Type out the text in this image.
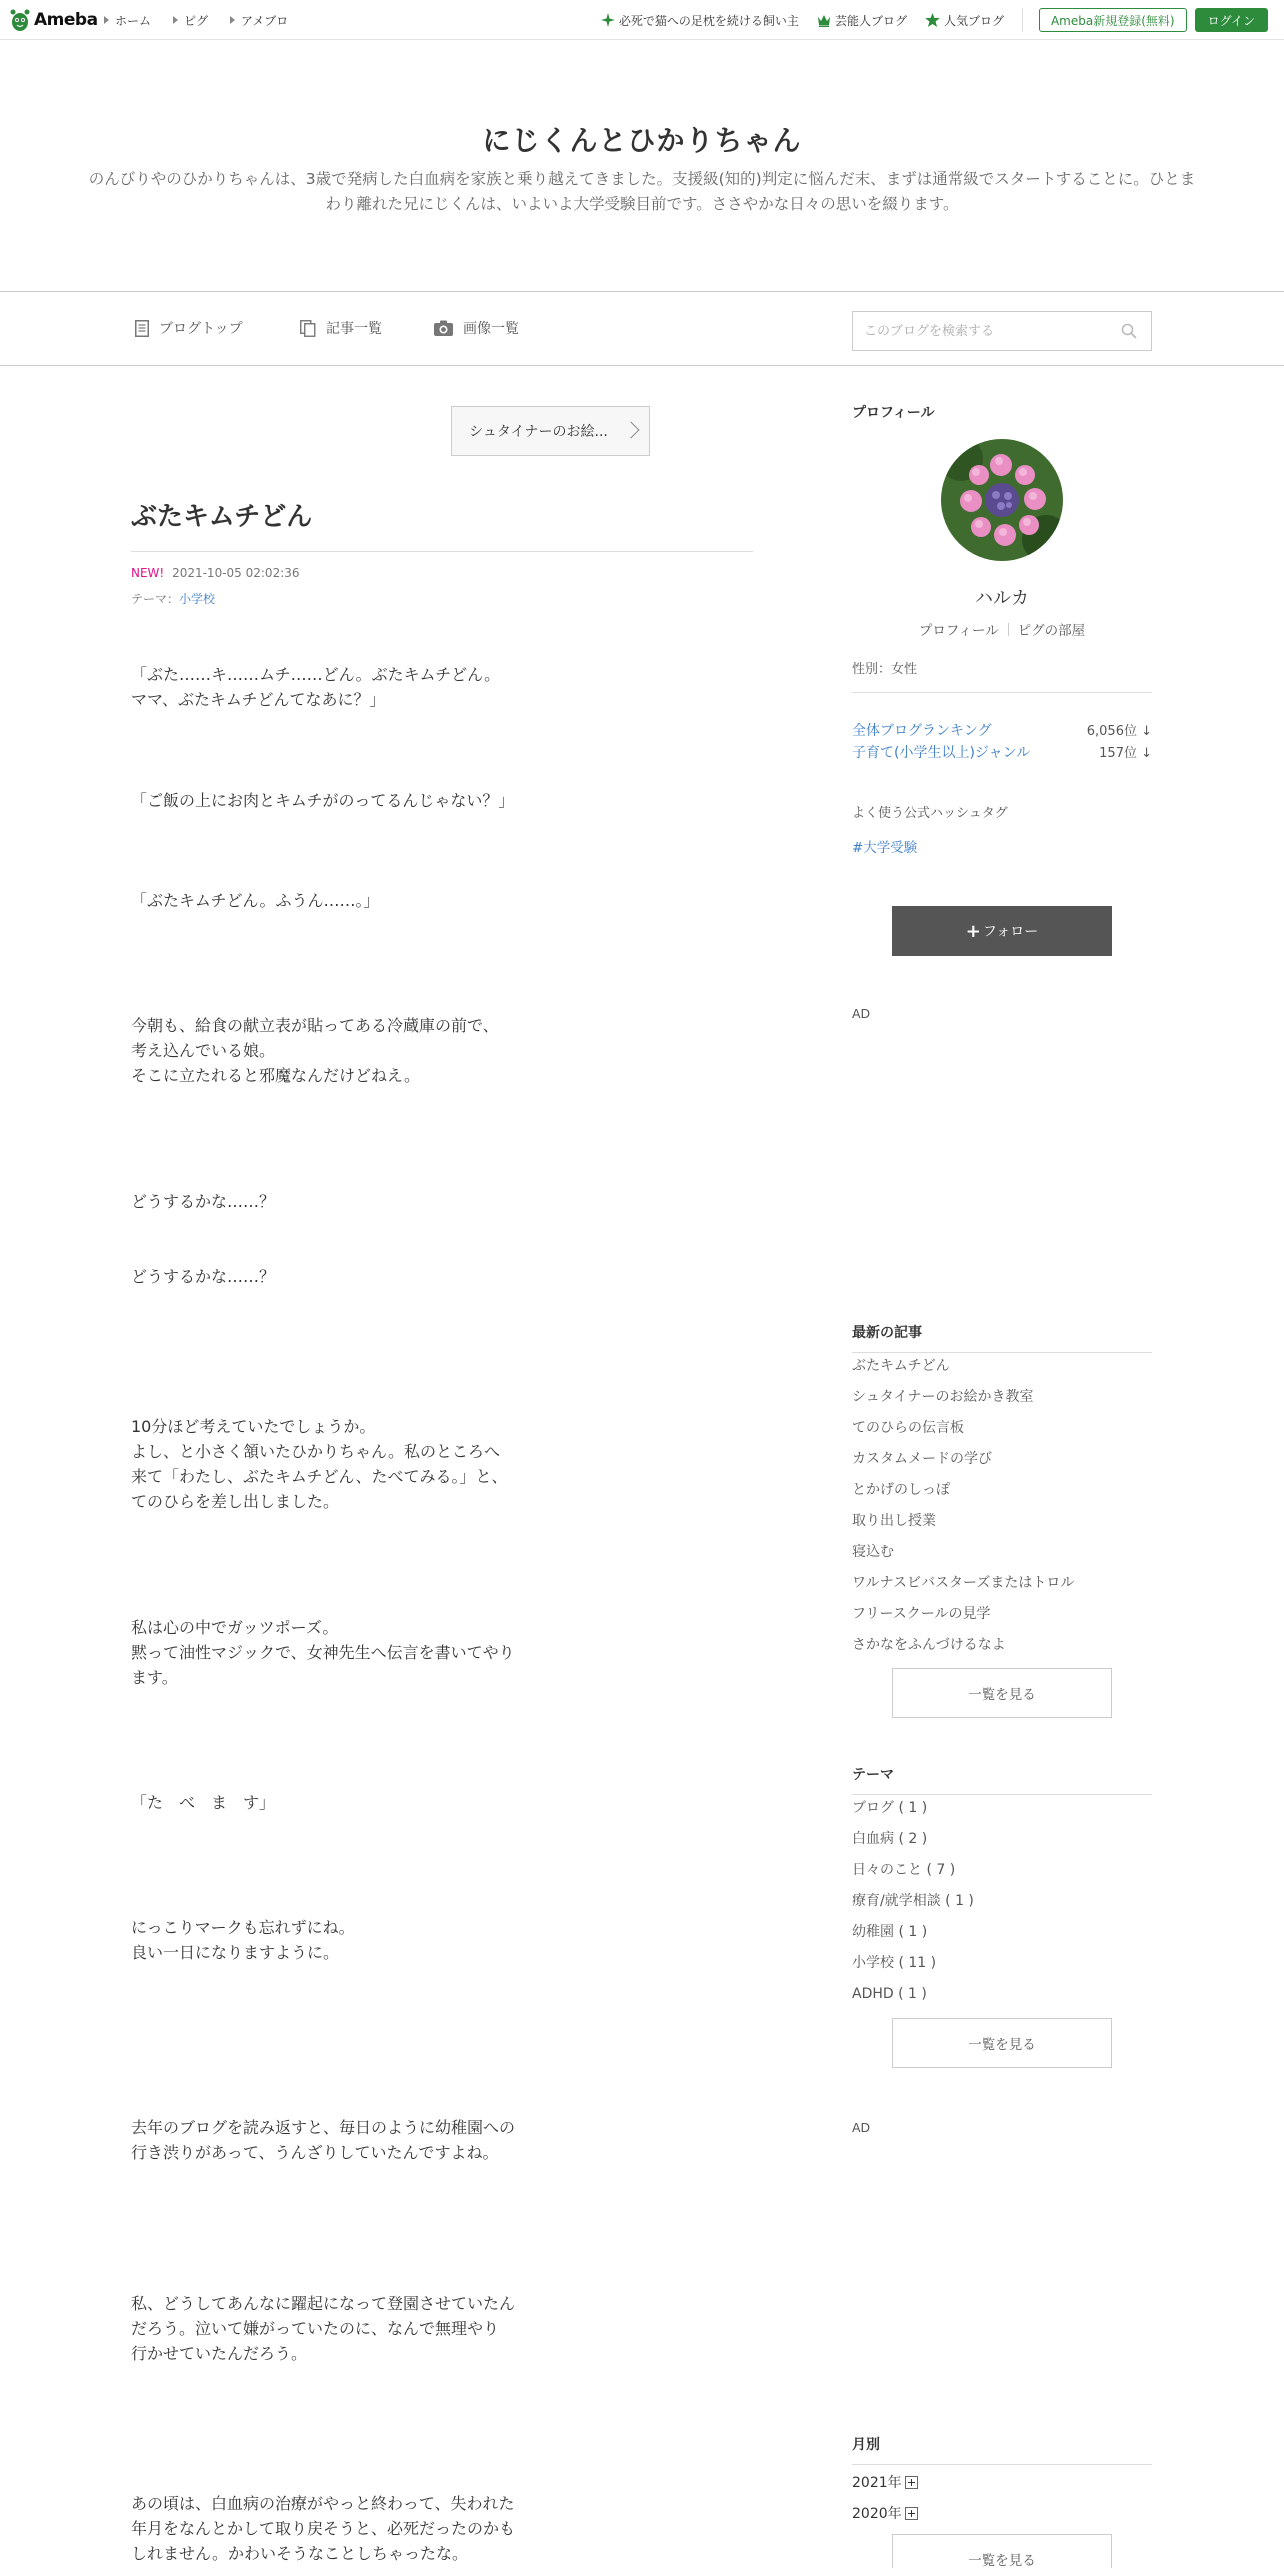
Ameba ホーム	ピグ	アメブロ	必死で猫への足枕を続ける飼い主	芸能人ブログ	人気ブログ	Ameba新規登録(無料)	ログイン
にじくんとひかりちゃん
のんびりやのひかりちゃんは、3歳で発病した白血病を家族と乗り越えてきました。支援級(知的)判定に悩んだ末、まずは通常級でスタートすることに。ひとまわり離れた兄にじくんは、いよいよ大学受験目前です。ささやかな日々の思いを綴ります。
ブログトップ	記事一覧	画像一覧
このブログを検索する
シュタイナーのお絵...
ぶたキムチどん
NEW! 2021-10-05 02:02:36
テーマ：小学校
「ぶた……キ……ムチ……どん。ぶたキムチどん。
ママ、ぶたキムチどんてなあに？」
「ご飯の上にお肉とキムチがのってるんじゃない？」
「ぶたキムチどん。ふうん……。」
今朝も、給食の献立表が貼ってある冷蔵庫の前で、
考え込んでいる娘。
そこに立たれると邪魔なんだけどねえ。
どうするかな……？
どうするかな……？
10分ほど考えていたでしょうか。
よし、と小さく頷いたひかりちゃん。私のところへ
来て「わたし、ぶたキムチどん、たべてみる。」と、
てのひらを差し出しました。
私は心の中でガッツポーズ。
黙って油性マジックで、女神先生へ伝言を書いてやり
ます。
「た　べ　ま　す」
にっこりマークも忘れずにね。
良い一日になりますように。
去年のブログを読み返すと、毎日のように幼稚園への
行き渋りがあって、うんざりしていたんですよね。
私、どうしてあんなに躍起になって登園させていたん
だろう。泣いて嫌がっていたのに、なんで無理やり
行かせていたんだろう。
あの頃は、白血病の治療がやっと終わって、失われた
年月をなんとかして取り戻そうと、必死だったのかも
しれません。かわいそうなことしちゃったな。
プロフィール
ハルカ
プロフィール ピグの部屋
性別：女性
全体ブログランキング	6,056位 ↓
子育て(小学生以上)ジャンル	157位 ↓
よく使う公式ハッシュタグ
#大学受験
+ フォロー
AD
最新の記事
ぶたキムチどん
シュタイナーのお絵かき教室
てのひらの伝言板
カスタムメードの学び
とかげのしっぽ
取り出し授業
寝込む
ワルナスビバスターズまたはトロル
フリースクールの見学
さかなをふんづけるなよ
一覧を見る
テーマ
ブログ ( 1 )
白血病 ( 2 )
日々のこと ( 7 )
療育/就学相談 ( 1 )
幼稚園 ( 1 )
小学校 ( 11 )
ADHD ( 1 )
一覧を見る
AD
月別
2021年
2020年
一覧を見る
